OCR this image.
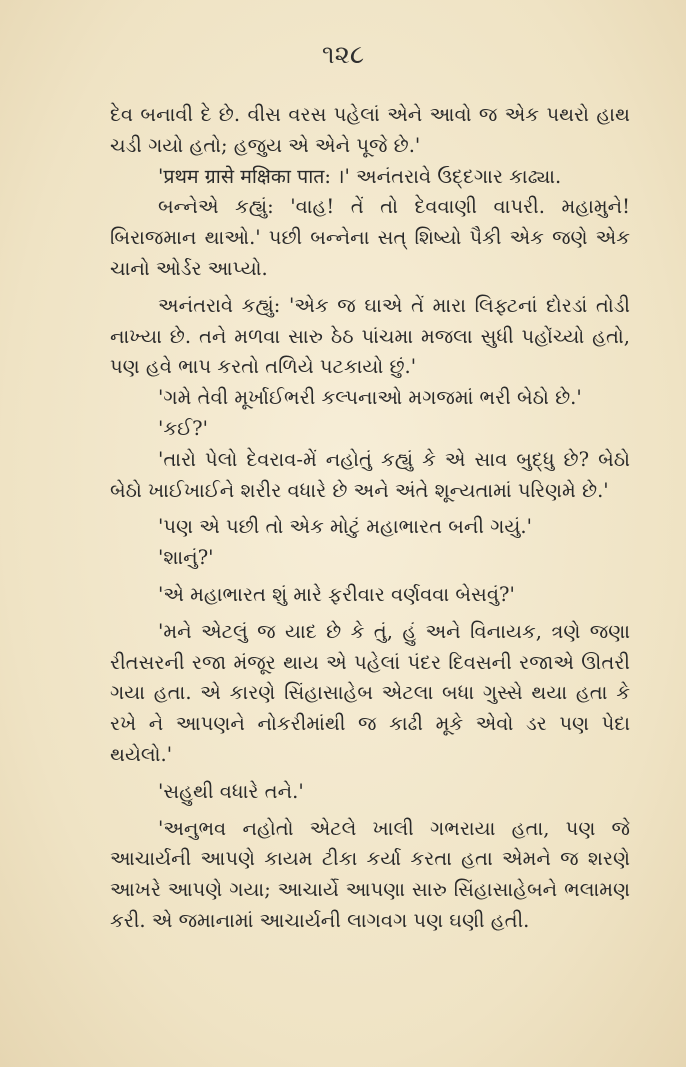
૧૨૮

દેવ બનાવી દે છે. વીસ વરસ પહેલાં એને આવો જ એક પથરો હાથ ચડી ગયો હતો; હજુય એ એને પૂજે છે.'

'प्रथम ग्रासे मक्षिका पात: ।' અનંતરાવે ઉદ્દગાર કાઢ્યા.

બન્નેએ કહ્યું: 'વાહ! તેં તો દેવવાણી વાપરી. મહામુને! બિરાજમાન થાઓ.' પછી બન્નેના સત્ શિષ્યો પૈકી એક જણે એક ચાનો ઓર્ડર આપ્યો.

અનંતરાવે કહ્યું: 'એક જ ઘાએ તેં મારા લિફ્ટનાં દોરડાં તોડી નાખ્યા છે. તને મળવા સારુ ઠેઠ પાંચમા મજલા સુધી પહોંચ્યો હતો, પણ હવે ભાપ કરતો તળિયે પટકાયો છું.'

'ગમે તેવી મૂર્ખાઈભરી કલ્પનાઓ મગજમાં ભરી બેઠો છે.'

'કઈ?'

'તારો પેલો દેવરાવ-મેં નહોતું કહ્યું કે એ સાવ બુદ્ધુ છે? બેઠો બેઠો ખાઈખાઈને શરીર વધારે છે અને અંતે શૂન્યતામાં પરિણમે છે.'

'પણ એ પછી તો એક મોટું મહાભારત બની ગયું.'

'શાનું?'

'એ મહાભારત શું મારે ફરીવાર વર્ણવવા બેસવું?'

'મને એટલું જ યાદ છે કે તું, હું અને વિનાયક, ત્રણે જણા રીતસરની રજા મંજૂર થાય એ પહેલાં પંદર દિવસની રજાએ ઊતરી ગયા હતા. એ કારણે સિંહાસાહેબ એટલા બધા ગુસ્સે થયા હતા કે રખે ને આપણને નોકરીમાંથી જ કાઢી મૂકે એવો ડર પણ પેદા થયેલો.'

'સહુથી વધારે તને.'

'અનુભવ નહોતો એટલે ખાલી ગભરાયા હતા, પણ જે આચાર્યની આપણે કાયમ ટીકા કર્યા કરતા હતા એમને જ શરણે આખરે આપણે ગયા; આચાર્યે આપણા સારુ સિંહાસાહેબને ભલામણ કરી. એ જમાનામાં આચાર્યની લાગવગ પણ ઘણી હતી.
